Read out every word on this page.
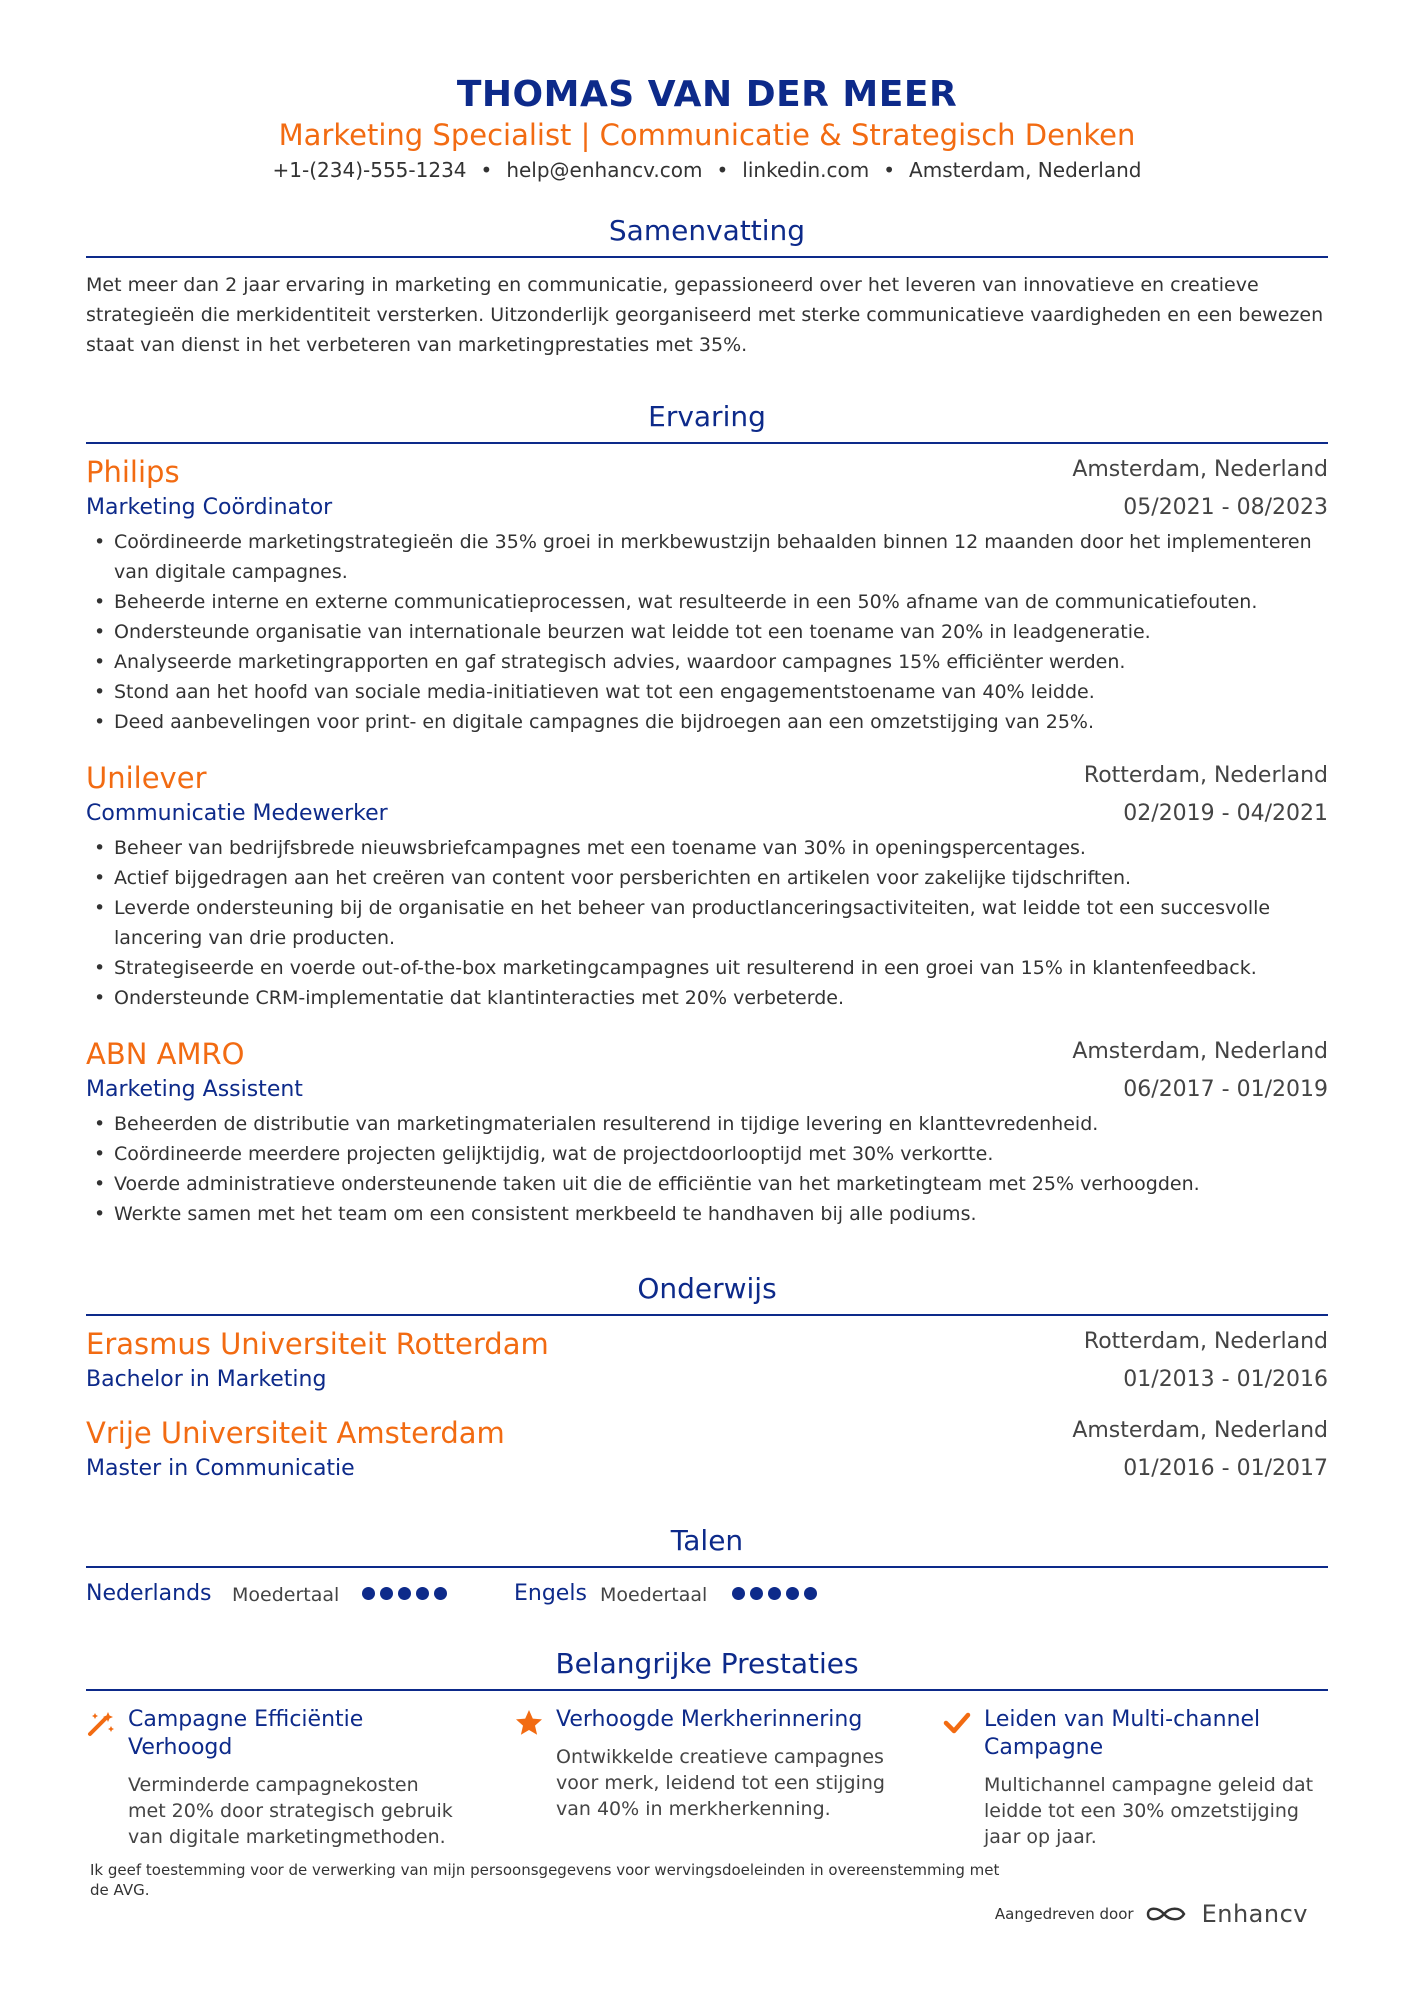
THOMAS VAN DER MEER
Marketing Specialist | Communicatie & Strategisch Denken
+1-(234)-555-1234 • help@enhancv.com • linkedin.com • Amsterdam, Nederland
Samenvatting
Met meer dan 2 jaar ervaring in marketing en communicatie, gepassioneerd over het leveren van innovatieve en creatieve strategieën die merkidentiteit versterken. Uitzonderlijk georganiseerd met sterke communicatieve vaardigheden en een bewezen staat van dienst in het verbeteren van marketingprestaties met 35%.
Ervaring
Philips	Amsterdam, Nederland
Marketing Coördinator	05/2021 - 08/2023
• Coördineerde marketingstrategieën die 35% groei in merkbewustzijn behaalden binnen 12 maanden door het implementeren van digitale campagnes.
• Beheerde interne en externe communicatieprocessen, wat resulteerde in een 50% afname van de communicatiefouten.
• Ondersteunde organisatie van internationale beurzen wat leidde tot een toename van 20% in leadgeneratie.
• Analyseerde marketingrapporten en gaf strategisch advies, waardoor campagnes 15% efficiënter werden.
• Stond aan het hoofd van sociale media-initiatieven wat tot een engagementstoename van 40% leidde.
• Deed aanbevelingen voor print- en digitale campagnes die bijdroegen aan een omzetstijging van 25%.
Unilever	Rotterdam, Nederland
Communicatie Medewerker	02/2019 - 04/2021
• Beheer van bedrijfsbrede nieuwsbriefcampagnes met een toename van 30% in openingspercentages.
• Actief bijgedragen aan het creëren van content voor persberichten en artikelen voor zakelijke tijdschriften.
• Leverde ondersteuning bij de organisatie en het beheer van productlanceringsactiviteiten, wat leidde tot een succesvolle lancering van drie producten.
• Strategiseerde en voerde out-of-the-box marketingcampagnes uit resulterend in een groei van 15% in klantenfeedback.
• Ondersteunde CRM-implementatie dat klantinteracties met 20% verbeterde.
ABN AMRO	Amsterdam, Nederland
Marketing Assistent	06/2017 - 01/2019
• Beheerden de distributie van marketingmaterialen resulterend in tijdige levering en klanttevredenheid.
• Coördineerde meerdere projecten gelijktijdig, wat de projectdoorlooptijd met 30% verkortte.
• Voerde administratieve ondersteunende taken uit die de efficiëntie van het marketingteam met 25% verhoogden.
• Werkte samen met het team om een consistent merkbeeld te handhaven bij alle podiums.
Onderwijs
Erasmus Universiteit Rotterdam	Rotterdam, Nederland
Bachelor in Marketing	01/2013 - 01/2016
Vrije Universiteit Amsterdam	Amsterdam, Nederland
Master in Communicatie	01/2016 - 01/2017
Talen
Nederlands Moedertaal	Engels Moedertaal
Belangrijke Prestaties
Campagne Efficiëntie Verhoogd
Verminderde campagnekosten met 20% door strategisch gebruik van digitale marketingmethoden.
Verhoogde Merkherinnering
Ontwikkelde creatieve campagnes voor merk, leidend tot een stijging van 40% in merkherkenning.
Leiden van Multi-channel Campagne
Multichannel campagne geleid dat leidde tot een 30% omzetstijging jaar op jaar.
Ik geef toestemming voor de verwerking van mijn persoonsgegevens voor wervingsdoeleinden in overeenstemming met de AVG.
Aangedreven door	Enhancv
